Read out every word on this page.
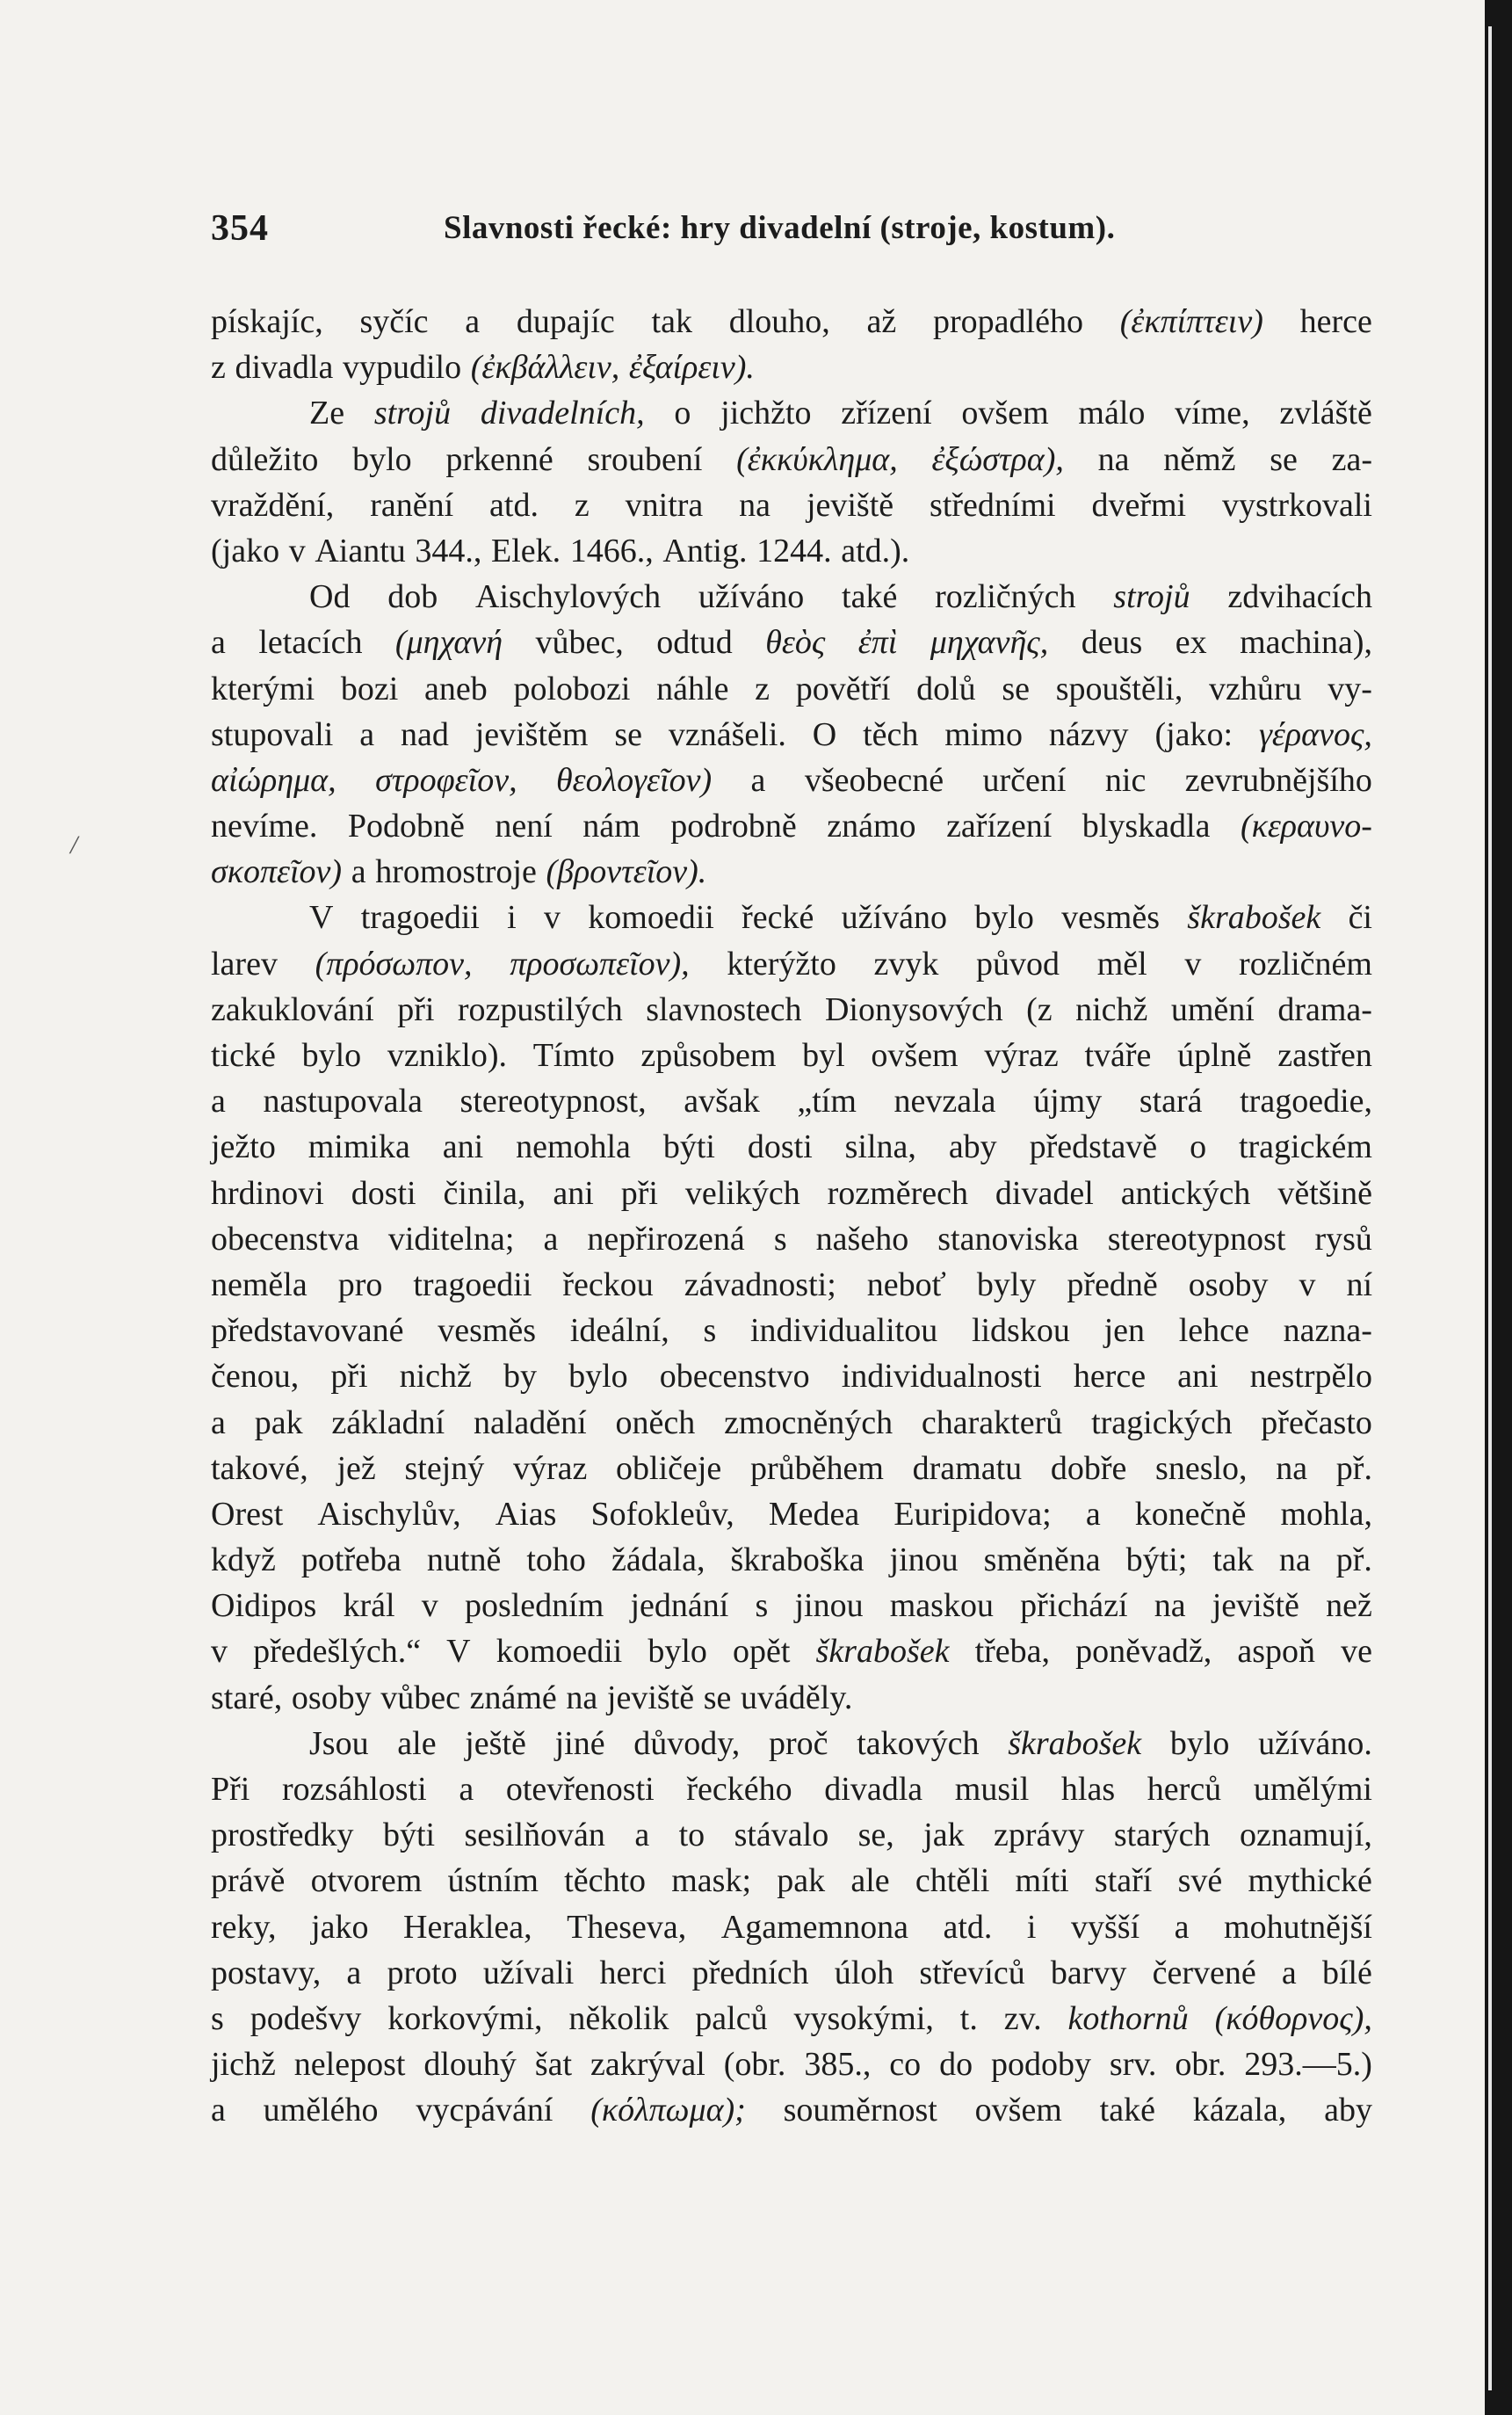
354	Slavnosti řecké: hry divadelní (stroje, kostum).
/
pískajíc, syčíc a dupajíc tak dlouho, až propadlého (ἐκπίπτειν) herce
z divadla vypudilo (ἐκβάλλειν, ἐξαίρειν).
Ze strojů divadelních, o jichžto zřízení ovšem málo víme, zvláště
důležito bylo prkenné sroubení (ἐκκύκλημα, ἐξώστρα), na němž se za-
vraždění, ranění atd. z vnitra na jeviště středními dveřmi vystrkovali
(jako v Aiantu 344., Elek. 1466., Antig. 1244. atd.).
Od dob Aischylových užíváno také rozličných strojů zdvihacích
a letacích (μηχανή vůbec, odtud θεὸς ἐπὶ μηχανῆς, deus ex machina),
kterými bozi aneb polobozi náhle z povětří dolů se spouštěli, vzhůru vy-
stupovali a nad jevištěm se vznášeli. O těch mimo názvy (jako: γέρανος,
αἰώρημα, στροφεῖον, θεολογεῖον) a všeobecné určení nic zevrubnějšího
nevíme. Podobně není nám podrobně známo zařízení blyskadla (κεραυνο-
σκοπεῖον) a hromostroje (βροντεῖον).
V tragoedii i v komoedii řecké užíváno bylo vesměs škrabošek či
larev (πρόσωπον, προσωπεῖον), kterýžto zvyk původ měl v rozličném
zakuklování při rozpustilých slavnostech Dionysových (z nichž umění drama-
tické bylo vzniklo). Tímto způsobem byl ovšem výraz tváře úplně zastřen
a nastupovala stereotypnost, avšak „tím nevzala újmy stará tragoedie,
ježto mimika ani nemohla býti dosti silna, aby představě o tragickém
hrdinovi dosti činila, ani při velikých rozměrech divadel antických většině
obecenstva viditelna; a nepřirozená s našeho stanoviska stereotypnost rysů
neměla pro tragoedii řeckou závadnosti; neboť byly předně osoby v ní
představované vesměs ideální, s individualitou lidskou jen lehce nazna-
čenou, při nichž by bylo obecenstvo individualnosti herce ani nestrpělo
a pak základní naladění oněch zmocněných charakterů tragických přečasto
takové, jež stejný výraz obličeje průběhem dramatu dobře sneslo, na př.
Orest Aischylův, Aias Sofokleův, Medea Euripidova; a konečně mohla,
když potřeba nutně toho žádala, škraboška jinou směněna býti; tak na př.
Oidipos král v posledním jednání s jinou maskou přichází na jeviště než
v předešlých.“ V komoedii bylo opět škrabošek třeba, poněvadž, aspoň ve
staré, osoby vůbec známé na jeviště se uváděly.
Jsou ale ještě jiné důvody, proč takových škrabošek bylo užíváno.
Při rozsáhlosti a otevřenosti řeckého divadla musil hlas herců umělými
prostředky býti sesilňován a to stávalo se, jak zprávy starých oznamují,
právě otvorem ústním těchto mask; pak ale chtěli míti staří své mythické
reky, jako Heraklea, Theseva, Agamemnona atd. i vyšší a mohutnější
postavy, a proto užívali herci předních úloh střevíců barvy červené a bílé
s podešvy korkovými, několik palců vysokými, t. zv. kothornů (κόθορνος),
jichž nelepost dlouhý šat zakrýval (obr. 385., co do podoby srv. obr. 293.—5.)
a umělého vycpávání (κόλπωμα); souměrnost ovšem také kázala, aby
